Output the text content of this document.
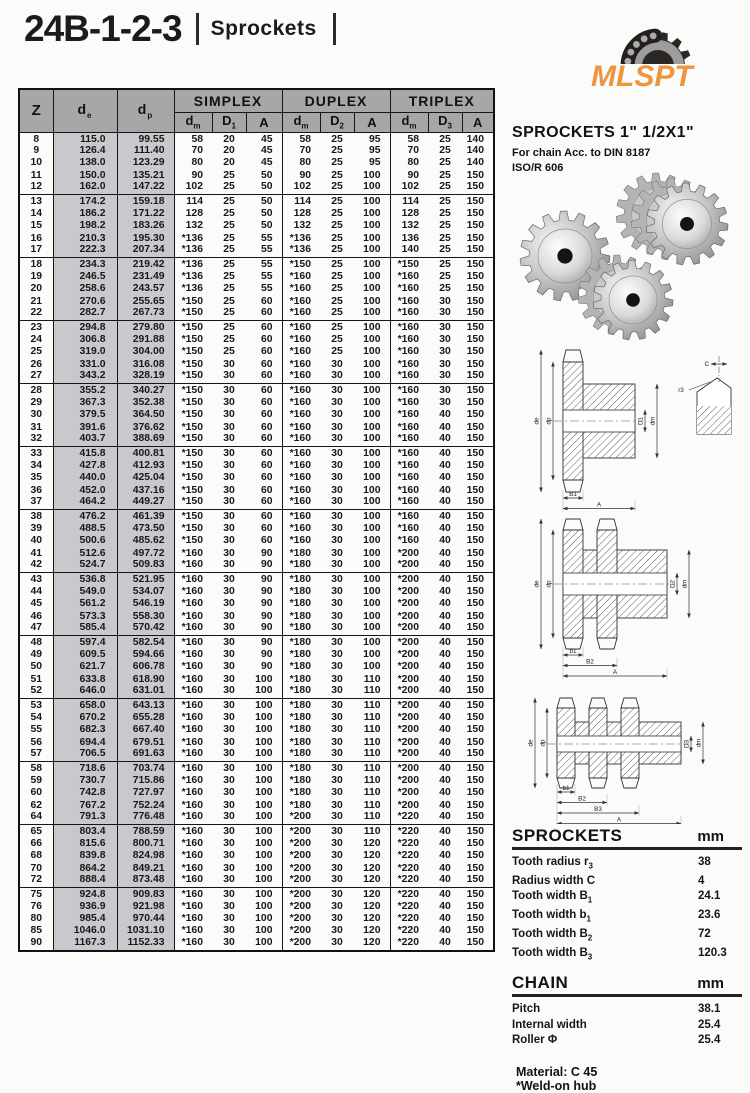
24B-1-2-3 Sprockets
MLSPT
Z	$d_e$	$d_p$	SIMPLEX			DUPLEX			TRIPLEX		
			$d_m$	$D_1$	A	$d_m$	$D_2$	A	$d_m$	$D_3$	A
8	115.0	99.55	58	20	45	58	25	95	58	25	140
9	126.4	111.40	70	20	45	70	25	95	70	25	140
10	138.0	123.29	80	20	45	80	25	95	80	25	140
11	150.0	135.21	90	25	50	90	25	100	90	25	150
12	162.0	147.22	102	25	50	102	25	100	102	25	150
13	174.2	159.18	114	25	50	114	25	100	114	25	150
14	186.2	171.22	128	25	50	128	25	100	128	25	150
15	198.2	183.26	132	25	50	132	25	100	132	25	150
16	210.3	195.30	*136	25	55	*136	25	100	136	25	150
17	222.3	207.34	*136	25	55	*136	25	100	140	25	150
18	234.3	219.42	*136	25	55	*150	25	100	*150	25	150
19	246.5	231.49	*136	25	55	*160	25	100	*160	25	150
20	258.6	243.57	*136	25	55	*160	25	100	*160	25	150
21	270.6	255.65	*150	25	60	*160	25	100	*160	30	150
22	282.7	267.73	*150	25	60	*160	25	100	*160	30	150
23	294.8	279.80	*150	25	60	*160	25	100	*160	30	150
24	306.8	291.88	*150	25	60	*160	25	100	*160	30	150
25	319.0	304.00	*150	25	60	*160	25	100	*160	30	150
26	331.0	316.08	*150	30	60	*160	30	100	*160	30	150
27	343.2	328.19	*150	30	60	*160	30	100	*160	30	150
28	355.2	340.27	*150	30	60	*160	30	100	*160	30	150
29	367.3	352.38	*150	30	60	*160	30	100	*160	30	150
30	379.5	364.50	*150	30	60	*160	30	100	*160	40	150
31	391.6	376.62	*150	30	60	*160	30	100	*160	40	150
32	403.7	388.69	*150	30	60	*160	30	100	*160	40	150
33	415.8	400.81	*150	30	60	*160	30	100	*160	40	150
34	427.8	412.93	*150	30	60	*160	30	100	*160	40	150
35	440.0	425.04	*150	30	60	*160	30	100	*160	40	150
36	452.0	437.16	*150	30	60	*160	30	100	*160	40	150
37	464.2	449.27	*150	30	60	*160	30	100	*160	40	150
38	476.2	461.39	*150	30	60	*160	30	100	*160	40	150
39	488.5	473.50	*150	30	60	*160	30	100	*160	40	150
40	500.6	485.62	*150	30	60	*160	30	100	*160	40	150
41	512.6	497.72	*160	30	90	*180	30	100	*200	40	150
42	524.7	509.83	*160	30	90	*180	30	100	*200	40	150
43	536.8	521.95	*160	30	90	*180	30	100	*200	40	150
44	549.0	534.07	*160	30	90	*180	30	100	*200	40	150
45	561.2	546.19	*160	30	90	*180	30	100	*200	40	150
46	573.3	558.30	*160	30	90	*180	30	100	*200	40	150
47	585.4	570.42	*160	30	90	*180	30	100	*200	40	150
48	597.4	582.54	*160	30	90	*180	30	100	*200	40	150
49	609.5	594.66	*160	30	90	*180	30	100	*200	40	150
50	621.7	606.78	*160	30	90	*180	30	100	*200	40	150
51	633.8	618.90	*160	30	100	*180	30	110	*200	40	150
52	646.0	631.01	*160	30	100	*180	30	110	*200	40	150
53	658.0	643.13	*160	30	100	*180	30	110	*200	40	150
54	670.2	655.28	*160	30	100	*180	30	110	*200	40	150
55	682.3	667.40	*160	30	100	*180	30	110	*200	40	150
56	694.4	679.51	*160	30	100	*180	30	110	*200	40	150
57	706.5	691.63	*160	30	100	*180	30	110	*200	40	150
58	718.6	703.74	*160	30	100	*180	30	110	*200	40	150
59	730.7	715.86	*160	30	100	*180	30	110	*200	40	150
60	742.8	727.97	*160	30	100	*180	30	110	*200	40	150
62	767.2	752.24	*160	30	100	*180	30	110	*200	40	150
64	791.3	776.48	*160	30	100	*200	30	110	*220	40	150
65	803.4	788.59	*160	30	100	*200	30	110	*220	40	150
66	815.6	800.71	*160	30	100	*200	30	120	*220	40	150
68	839.8	824.98	*160	30	100	*200	30	120	*220	40	150
70	864.2	849.21	*160	30	100	*200	30	120	*220	40	150
72	888.4	873.48	*160	30	100	*200	30	120	*220	40	150
75	924.8	909.83	*160	30	100	*200	30	120	*220	40	150
76	936.9	921.98	*160	30	100	*200	30	120	*220	40	150
80	985.4	970.44	*160	30	100	*200	30	120	*220	40	150
85	1046.0	1031.10	*160	30	100	*200	30	120	*220	40	150
90	1167.3	1152.33	*160	30	100	*200	30	120	*220	40	150
SPROCKETS 1" 1/2X1"
For chain Acc. to DIN 8187
ISO/R 606
de dp	D1 dm
B1
A
de dp	D2 dm
b1
B2
A
de dp	D3 dm
b1
B2
B3
A
C
r3
SPROCKETS	mm
Tooth radius $r_3$	38
Radius width C	4
Tooth width $B_1$	24.1
Tooth width $b_1$	23.6
Tooth width $B_2$	72
Tooth width $B_3$	120.3
CHAIN	mm
Pitch	38.1
Internal width	25.4
Roller Φ	25.4
Material: C 45
*Weld-on hub
